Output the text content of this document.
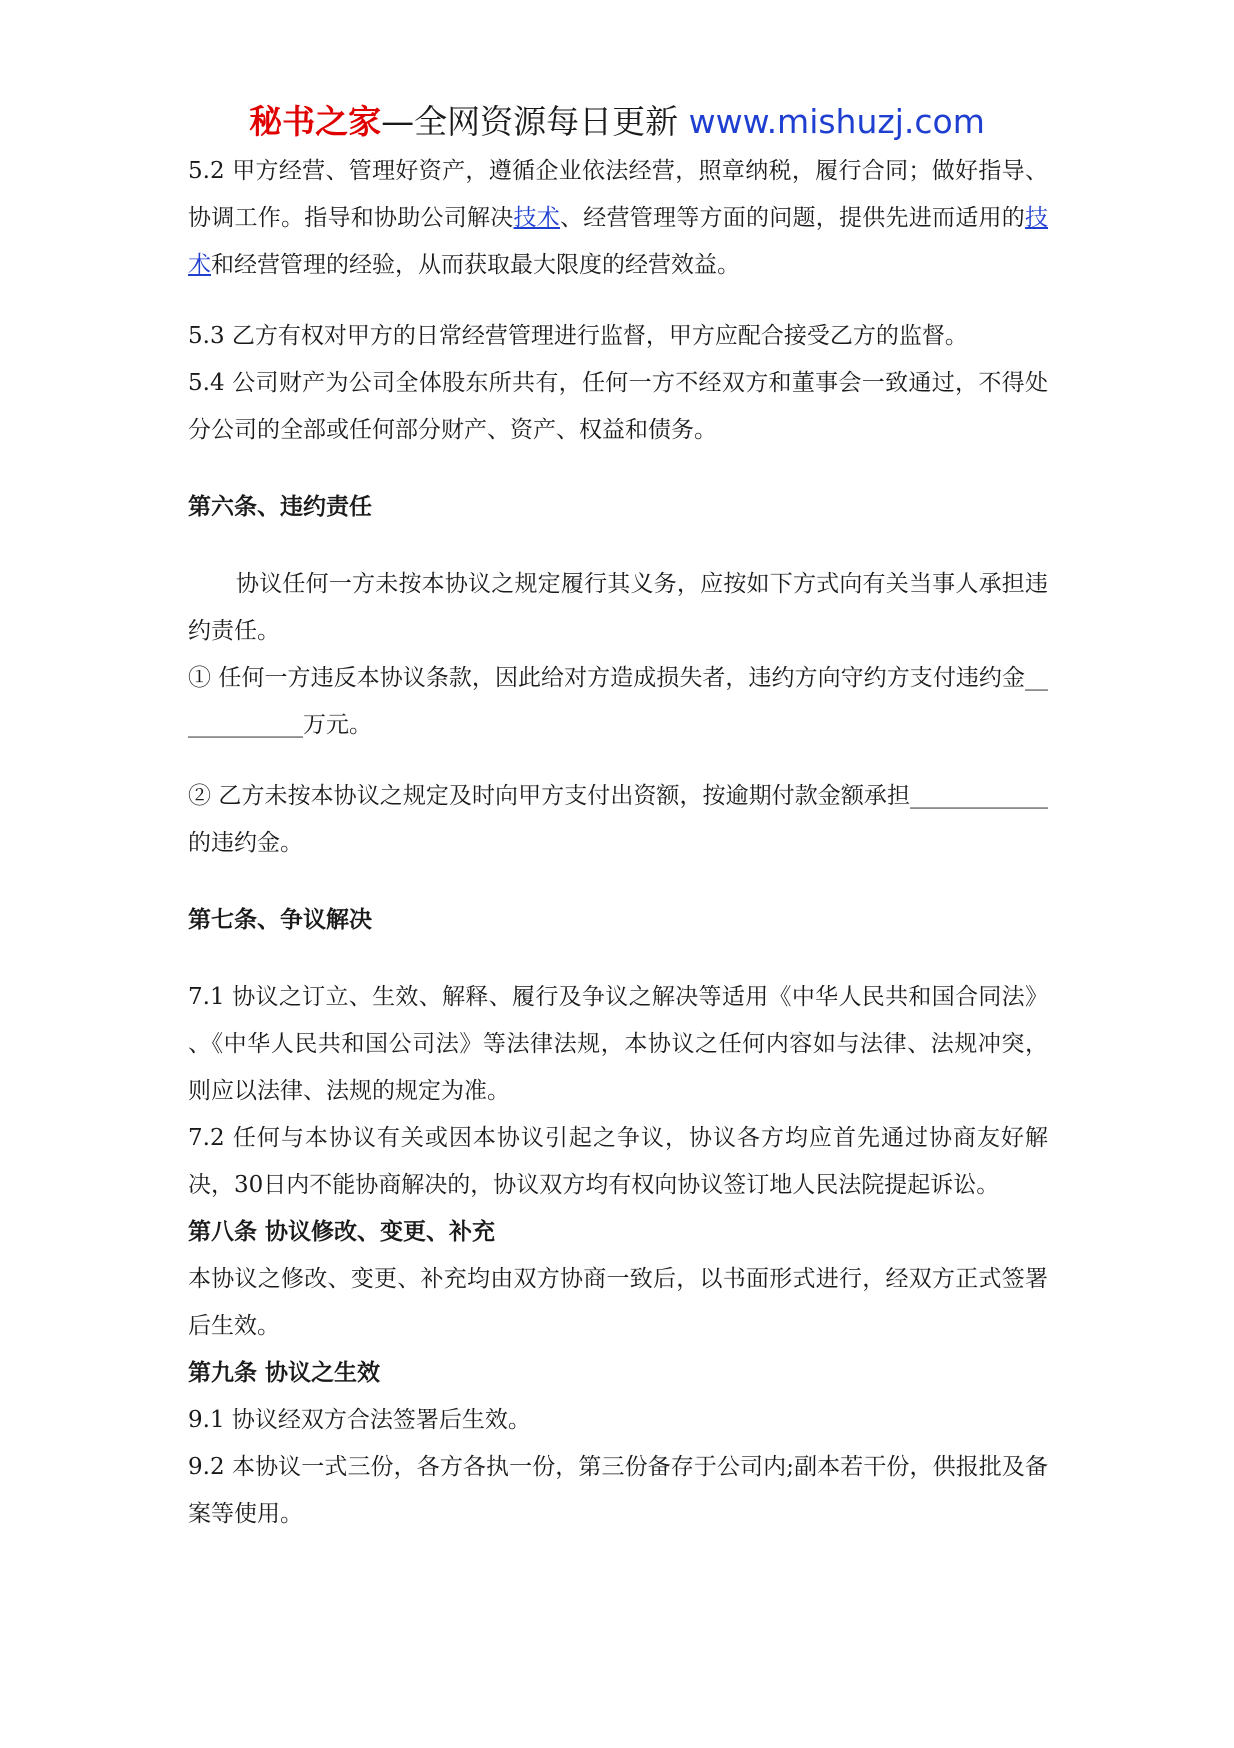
秘书之家—全网资源每日更新 www.mishuzj.com

5.2 甲方经营、管理好资产，遵循企业依法经营，照章纳税，履行合同；做好指导、协调工作。指导和协助公司解决技术、经营管理等方面的问题，提供先进而适用的技术和经营管理的经验，从而获取最大限度的经营效益。

5.3 乙方有权对甲方的日常经营管理进行监督，甲方应配合接受乙方的监督。

5.4 公司财产为公司全体股东所共有，任何一方不经双方和董事会一致通过，不得处分公司的全部或任何部分财产、资产、权益和债务。

第六条、违约责任

协议任何一方未按本协议之规定履行其义务，应按如下方式向有关当事人承担违约责任。

① 任何一方违反本协议条款，因此给对方造成损失者，违约方向守约方支付违约金____________万元。

② 乙方未按本协议之规定及时向甲方支付出资额，按逾期付款金额承担____________的违约金。

第七条、争议解决

7.1 协议之订立、生效、解释、履行及争议之解决等适用《中华人民共和国合同法》 、《中华人民共和国公司法》等法律法规，本协议之任何内容如与法律、法规冲突，则应以法律、法规的规定为准。

7.2 任何与本协议有关或因本协议引起之争议，协议各方均应首先通过协商友好解决，30日内不能协商解决的，协议双方均有权向协议签订地人民法院提起诉讼。

第八条 协议修改、变更、补充

本协议之修改、变更、补充均由双方协商一致后，以书面形式进行，经双方正式签署后生效。

第九条 协议之生效

9.1 协议经双方合法签署后生效。

9.2 本协议一式三份，各方各执一份，第三份备存于公司内;副本若干份，供报批及备案等使用。
